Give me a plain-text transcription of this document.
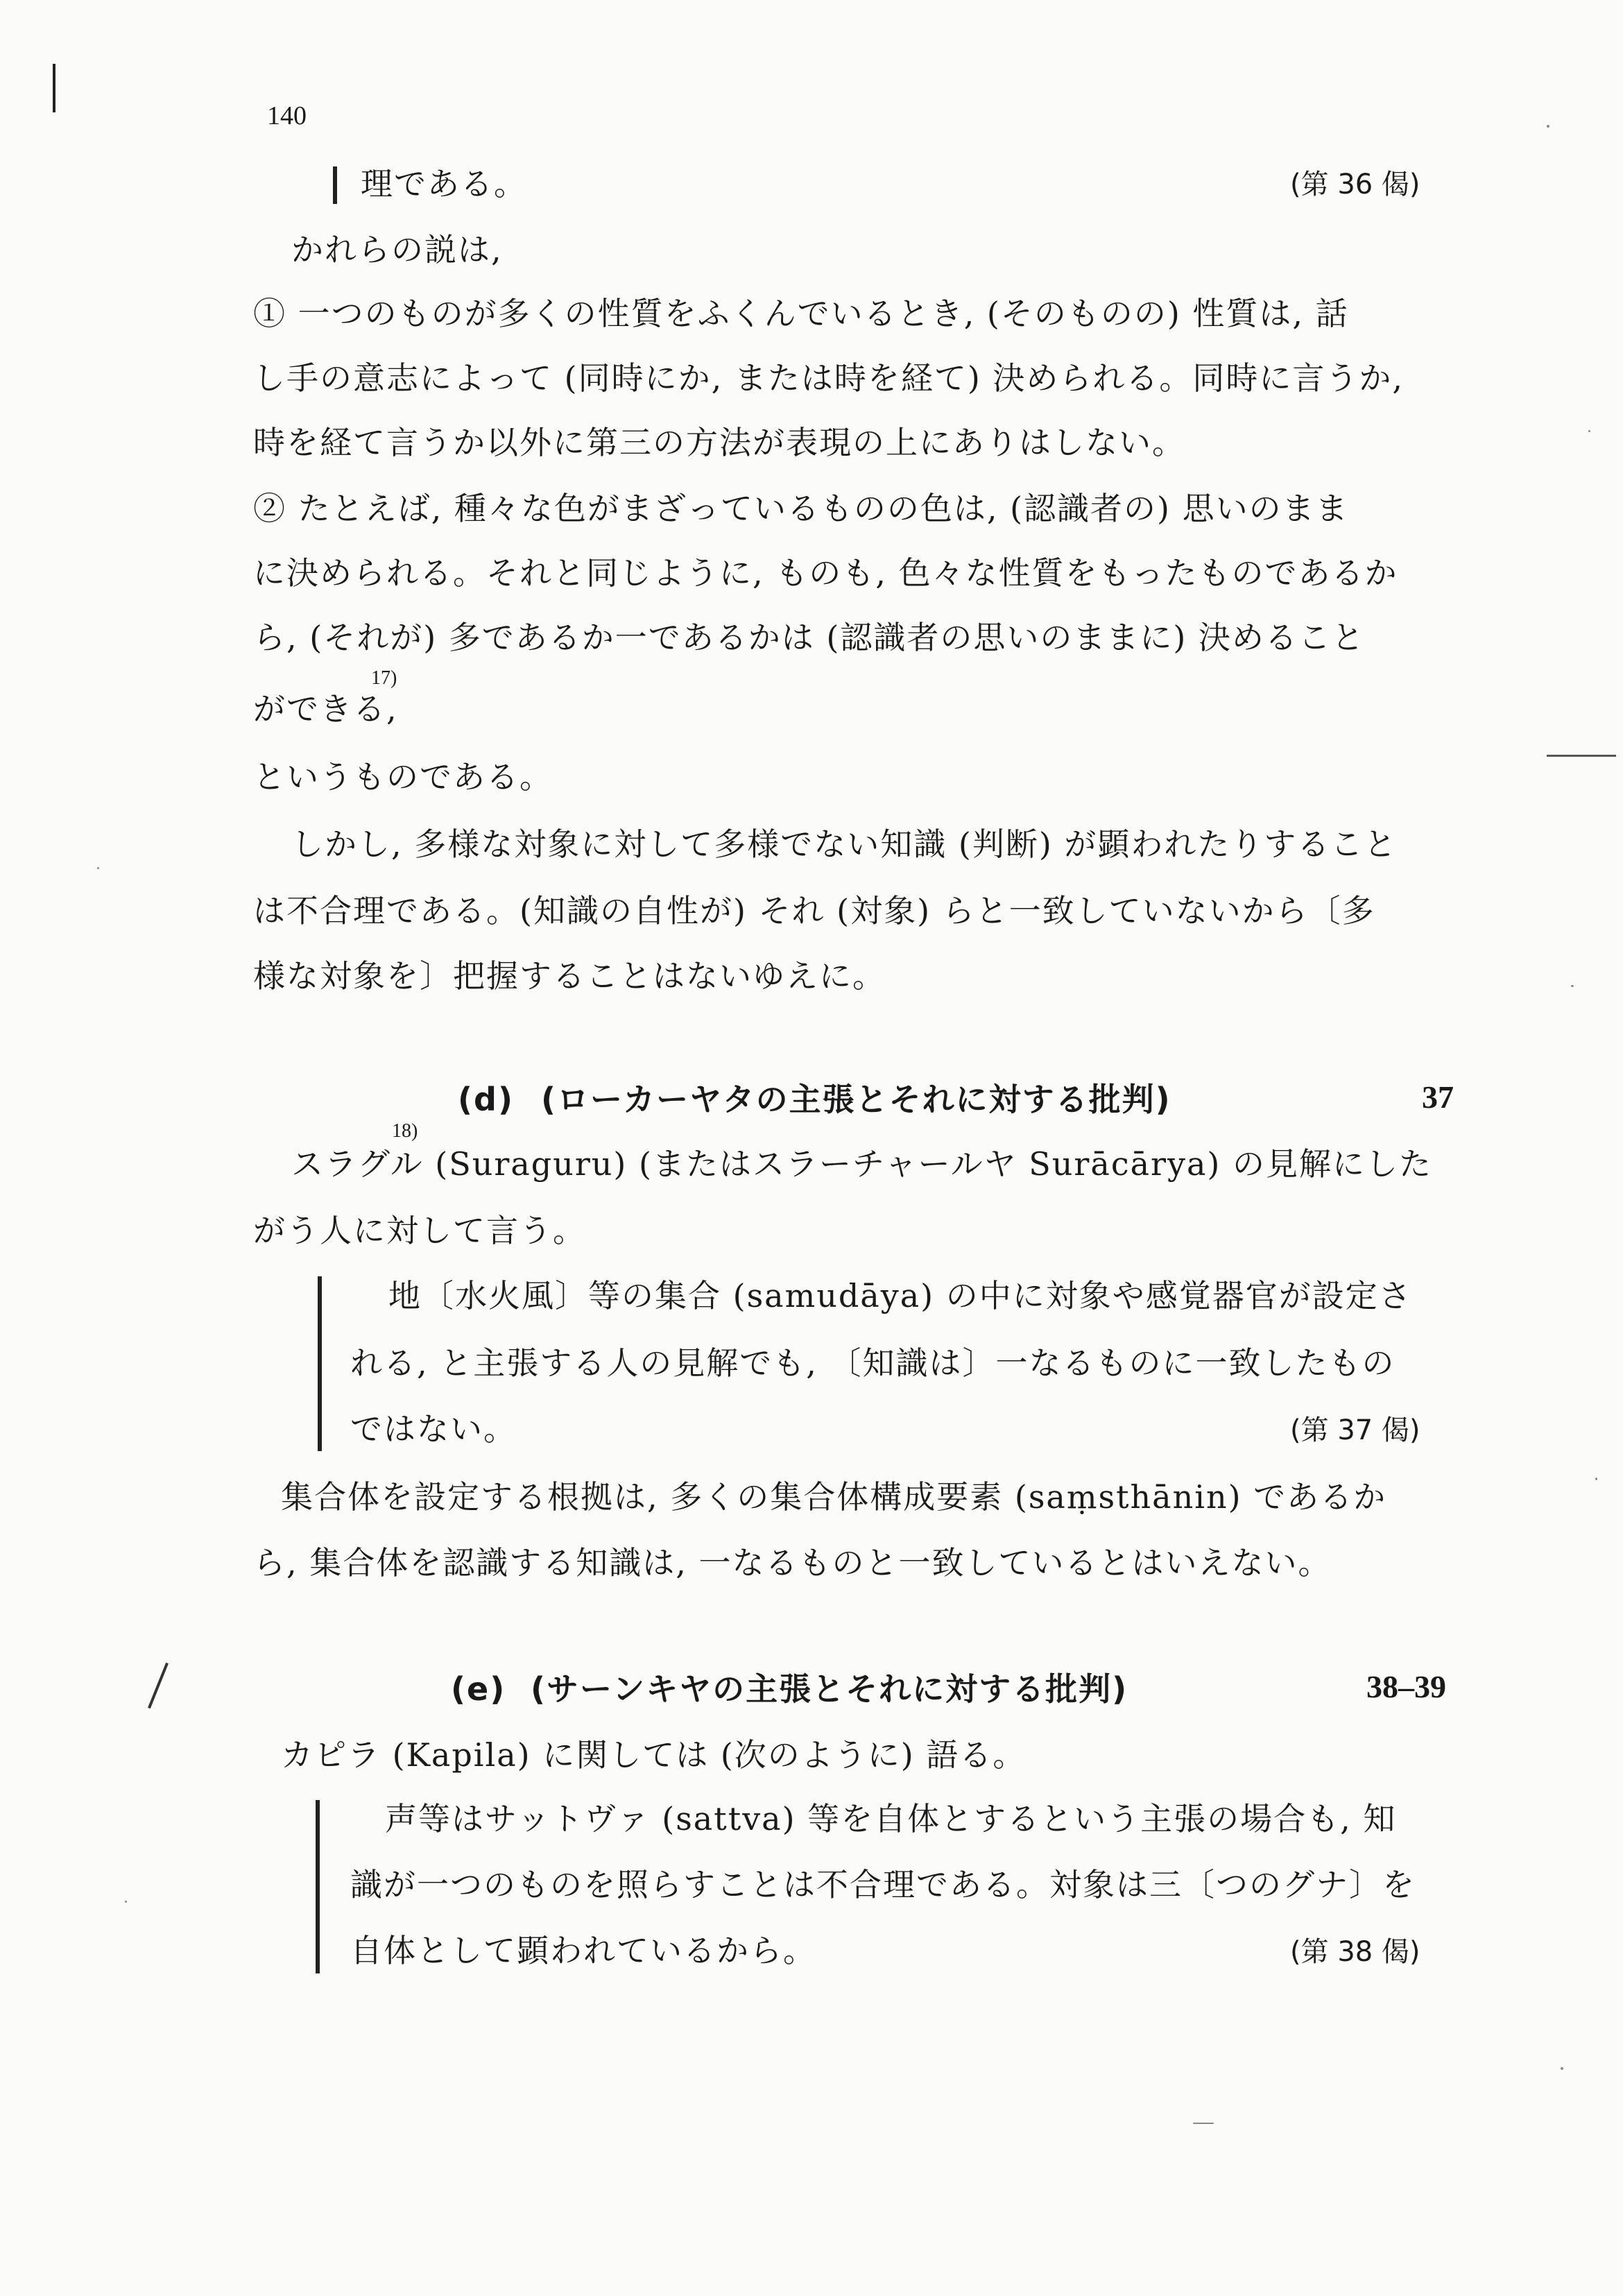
140
理である。	(第 36 偈)
かれらの説は,
① 一つのものが多くの性質をふくんでいるとき, (そのものの) 性質は, 話
し手の意志によって (同時にか, または時を経て) 決められる。同時に言うか,
時を経て言うか以外に第三の方法が表現の上にありはしない。
② たとえば, 種々な色がまざっているものの色は, (認識者の) 思いのまま
に決められる。それと同じように, ものも, 色々な性質をもったものであるか
ら, (それが) 多であるか一であるかは (認識者の思いのままに) 決めること
17)
ができる,
というものである。
しかし, 多様な対象に対して多様でない知識 (判断) が顕われたりすること
は不合理である。(知識の自性が) それ (対象) らと一致していないから〔多
様な対象を〕把握することはないゆえに。
(d) (ローカーヤタの主張とそれに対する批判)	37
18)
スラグル (Suraguru) (またはスラーチャールヤ Surācārya) の見解にした
がう人に対して言う。
地〔水火風〕等の集合 (samudāya) の中に対象や感覚器官が設定さ
れる, と主張する人の見解でも, 〔知識は〕一なるものに一致したもの
ではない。	(第 37 偈)
集合体を設定する根拠は, 多くの集合体構成要素 (saṃsthānin) であるか
ら, 集合体を認識する知識は, 一なるものと一致しているとはいえない。
(e) (サーンキヤの主張とそれに対する批判)	38–39
カピラ (Kapila) に関しては (次のように) 語る。
声等はサットヴァ (sattva) 等を自体とするという主張の場合も, 知
識が一つのものを照らすことは不合理である。対象は三〔つのグナ〕を
自体として顕われているから。	(第 38 偈)
